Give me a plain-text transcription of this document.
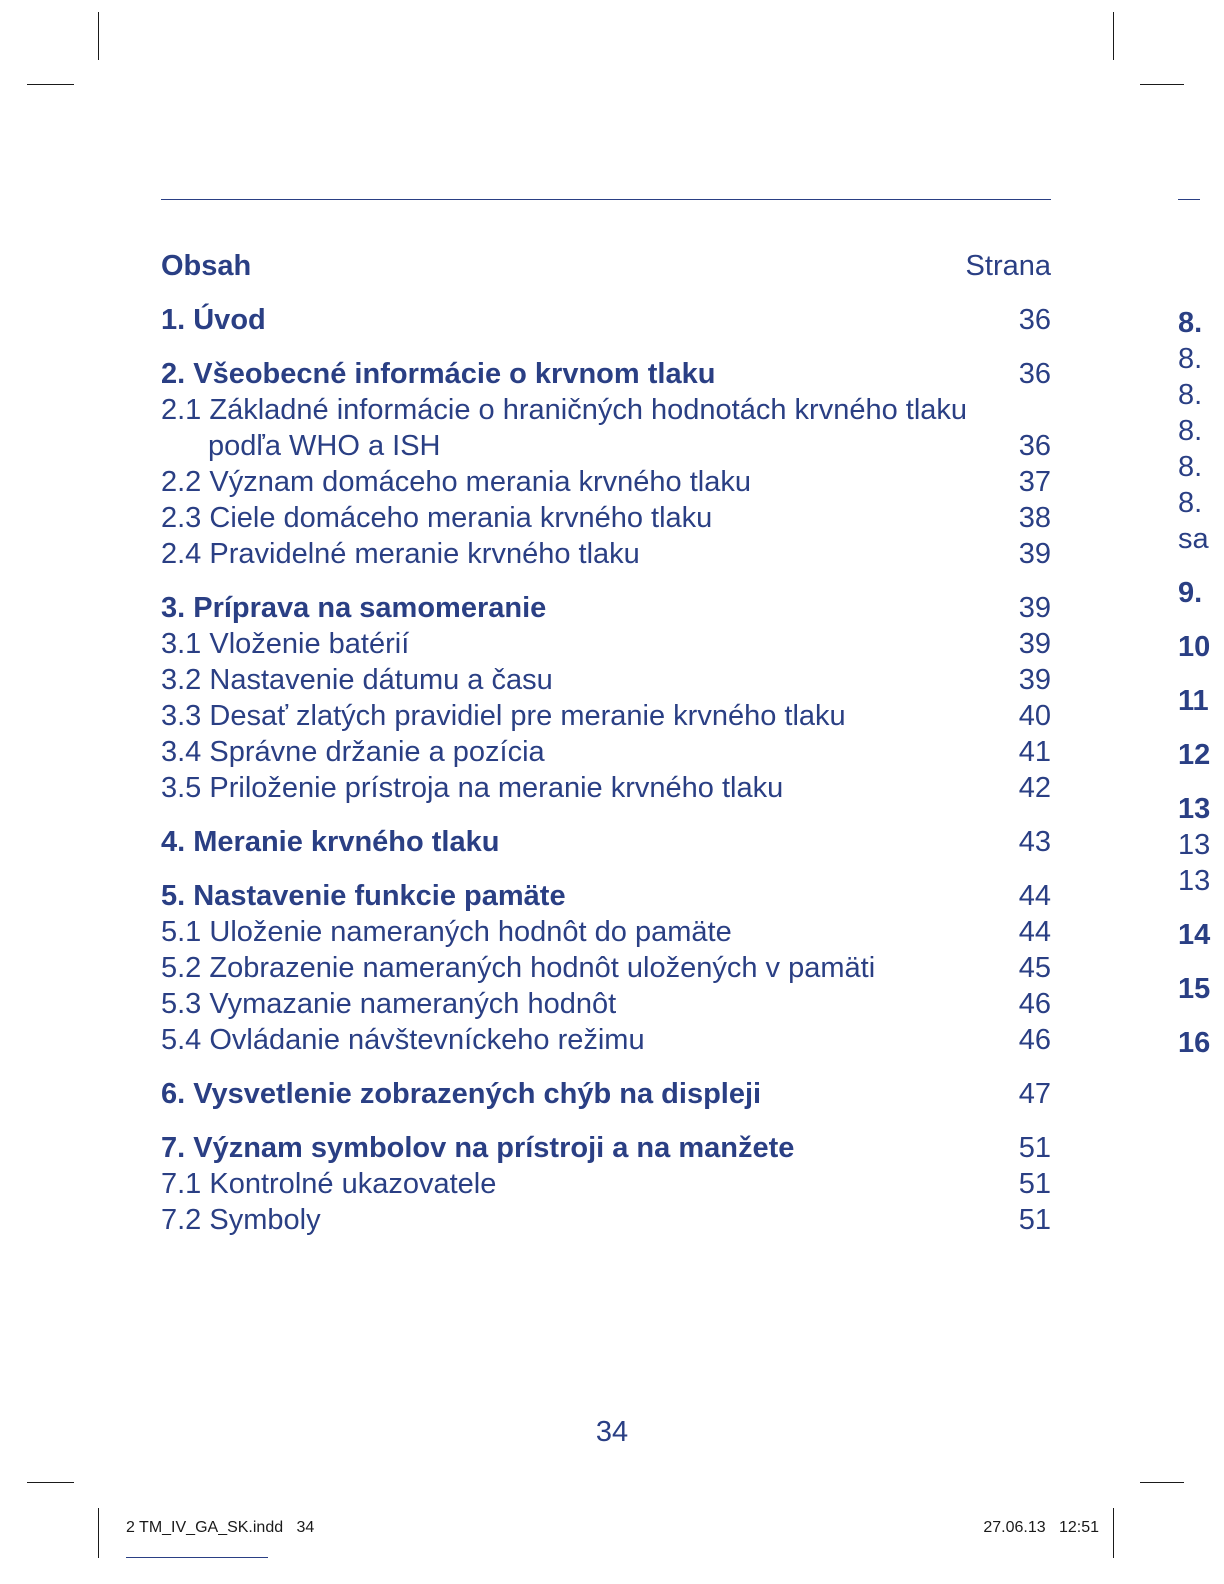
Obsah	Strana
1. Úvod	36
2. Všeobecné informácie o krvnom tlaku	36
2.1 Základné informácie o hraničných hodnotách krvného tlaku
podľa WHO a ISH	36
2.2 Význam domáceho merania krvného tlaku	37
2.3 Ciele domáceho merania krvného tlaku	38
2.4 Pravidelné meranie krvného tlaku	39
3. Príprava na samomeranie	39
3.1 Vloženie batérií	39
3.2 Nastavenie dátumu a času	39
3.3 Desať zlatých pravidiel pre meranie krvného tlaku	40
3.4 Správne držanie a pozícia	41
3.5 Priloženie prístroja na meranie krvného tlaku	42
4. Meranie krvného tlaku	43
5. Nastavenie funkcie pamäte	44
5.1 Uloženie nameraných hodnôt do pamäte	44
5.2 Zobrazenie nameraných hodnôt uložených v pamäti	45
5.3 Vymazanie nameraných hodnôt	46
5.4 Ovládanie návštevníckeho režimu	46
6. Vysvetlenie zobrazených chýb na displeji	47
7. Význam symbolov na prístroji a na manžete	51
7.1 Kontrolné ukazovatele	51
7.2 Symboly	51
34
8.
8.
8.
8.
8.
8.
sa
9.
10
11
12
13
13
13
14
15
16
2 TM_IV_GA_SK.indd   34	27.06.13 12:51
